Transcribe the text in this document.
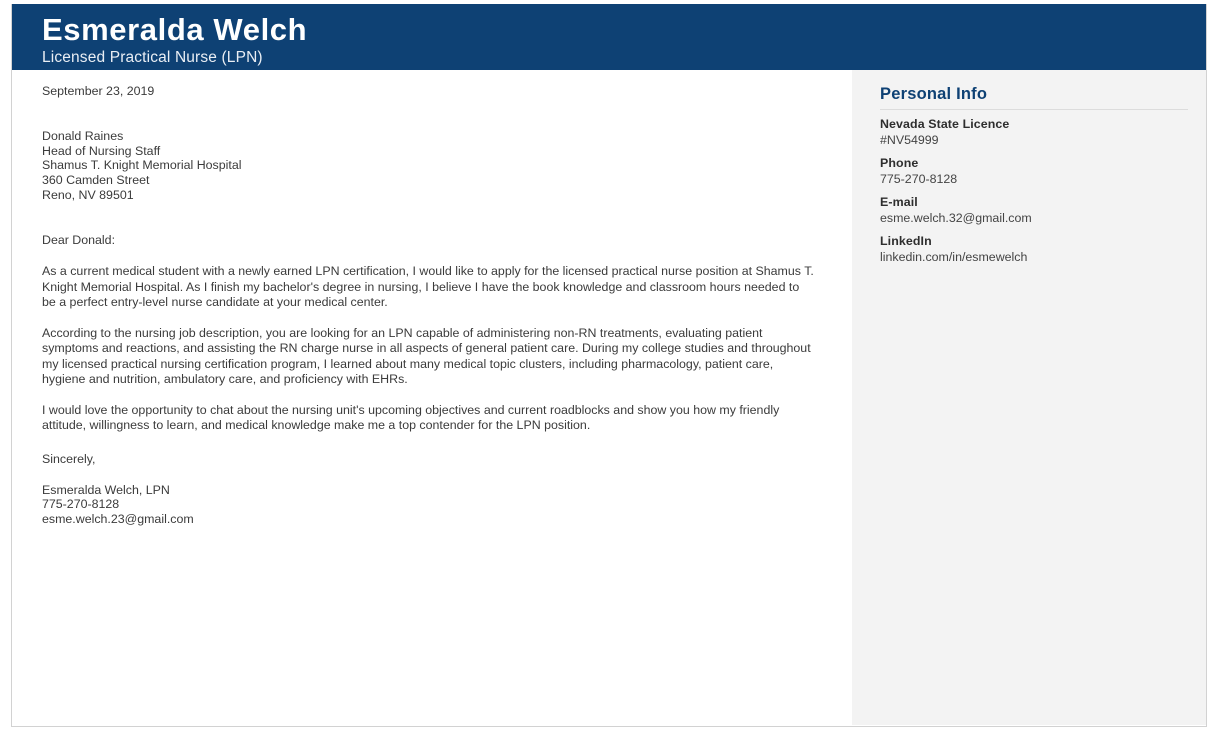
Esmeralda Welch
Licensed Practical Nurse (LPN)
September 23, 2019
Donald Raines
Head of Nursing Staff
Shamus T. Knight Memorial Hospital
360 Camden Street
Reno, NV 89501
Dear Donald:
As a current medical student with a newly earned LPN certification, I would like to apply for the licensed practical nurse position at Shamus T. Knight Memorial Hospital. As I finish my bachelor's degree in nursing, I believe I have the book knowledge and classroom hours needed to be a perfect entry-level nurse candidate at your medical center.
According to the nursing job description, you are looking for an LPN capable of administering non-RN treatments, evaluating patient symptoms and reactions, and assisting the RN charge nurse in all aspects of general patient care. During my college studies and throughout my licensed practical nursing certification program, I learned about many medical topic clusters, including pharmacology, patient care, hygiene and nutrition, ambulatory care, and proficiency with EHRs.
I would love the opportunity to chat about the nursing unit's upcoming objectives and current roadblocks and show you how my friendly attitude, willingness to learn, and medical knowledge make me a top contender for the LPN position.
Sincerely,
Esmeralda Welch, LPN
775-270-8128
esme.welch.23@gmail.com
Personal Info
Nevada State Licence
#NV54999
Phone
775-270-8128
E-mail
esme.welch.32@gmail.com
LinkedIn
linkedin.com/in/esmewelch
